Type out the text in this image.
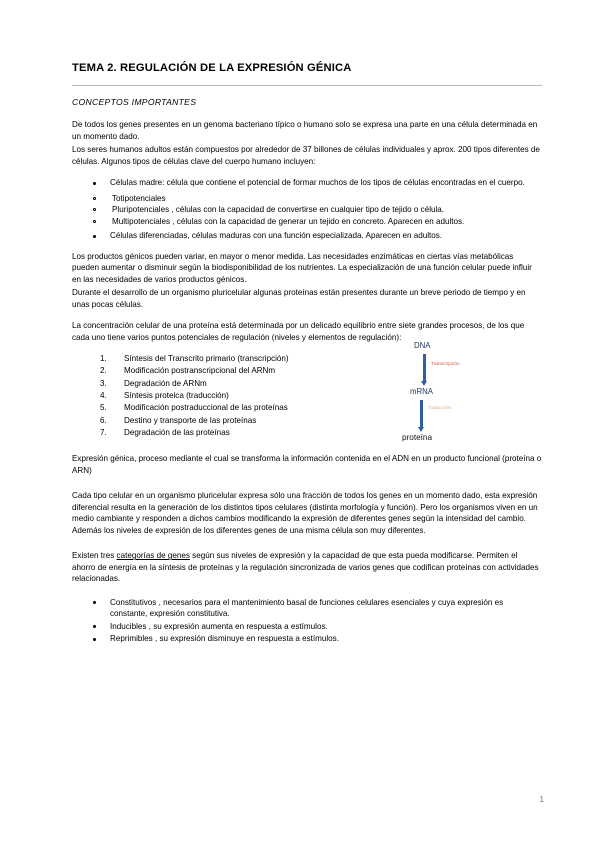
TEMA 2. REGULACIÓN DE LA EXPRESIÓN GÉNICA
CONCEPTOS IMPORTANTES

De todos los genes presentes en un genoma bacteriano típico o humano solo se expresa una parte en una célula determinada en un momento dado.

Los seres humanos adultos están compuestos por alrededor de 37 billones de células individuales y aprox. 200 tipos diferentes de células. Algunos tipos de células clave del cuerpo humano incluyen:

Células madre: célula que contiene el potencial de formar muchos de los tipos de células encontradas en el cuerpo.
Totipotenciales
Pluripotenciales , células con la capacidad de convertirse en cualquier tipo de tejido o célula.
Multipotenciales , células con la capacidad de generar un tejido en concreto. Aparecen en adultos.
Células diferenciadas, células maduras con una función especializada. Aparecen en adultos.

Los productos génicos pueden variar, en mayor o menor medida. Las necesidades enzimáticas en ciertas vías metabólicas pueden aumentar o disminuir según la biodisponibilidad de los nutrientes. La especialización de una función celular puede influir en las necesidades de varios productos génicos.

Durante el desarrollo de un organismo pluricelular algunas proteínas están presentes durante un breve periodo de tiempo y en unas pocas células.

La concentración celular de una proteína está determinada por un delicado equilibrio entre siete grandes procesos, de los que cada uno tiene varios puntos potenciales de regulación (niveles y elementos de regulación):

Síntesis del Transcrito primario (transcripción)
Modificación postranscripcional del ARNm
Degradación de ARNm
Síntesis proteica (traducción)
Modificación postraduccional de las proteínas
Destino y transporte de las proteínas
Degradación de las proteínas
DNA
Transcripción
mRNA
Traducción
proteína

Expresión génica, proceso mediante el cual se transforma la información contenida en el ADN en un producto funcional (proteína o ARN)

Cada tipo celular en un organismo pluricelular expresa sólo una fracción de todos los genes en un momento dado, esta expresión diferencial resulta en la generación de los distintos tipos celulares (distinta morfología y función). Pero los organismos viven en un medio cambiante y responden a dichos cambios modificando la expresión de diferentes genes según la intensidad del cambio. Además los niveles de expresión de los diferentes genes de una misma célula son muy diferentes.

Existen tres categorías de genes según sus niveles de expresión y la capacidad de que esta pueda modificarse. Permiten el ahorro de energía en la síntesis de proteínas y la regulación sincronizada de varios genes que codifican proteínas con actividades relacionadas.

Constitutivos , necesarios para el mantenimiento basal de funciones celulares esenciales y cuya expresión es constante, expresión constitutiva.
Inducibles , su expresión aumenta en respuesta a estímulos.
Reprimibles , su expresión disminuye en respuesta a estímulos.
1
